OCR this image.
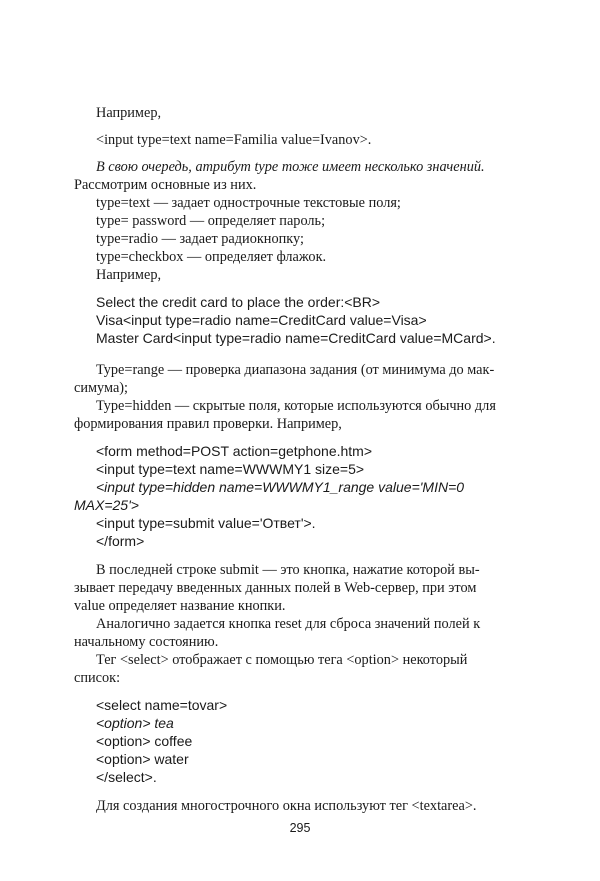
Например,
<input type=text name=Familia value=Ivanov>.
В свою очередь, атрибут type тоже имеет несколько значений.
Рассмотрим основные из них.
type=text — задает однострочные текстовые поля;
type= password — определяет пароль;
type=radio — задает радиокнопку;
type=checkbox — определяет флажок.
Например,
Select the credit card to place the order:<BR>
Visa<input type=radio name=CreditCard value=Visa>
Master Card<input type=radio name=CreditCard value=MCard>.
Type=range — проверка диапазона задания (от минимума до мак-
симума);
Type=hidden — скрытые поля, которые используются обычно для
формирования правил проверки. Например,
<form method=POST action=getphone.htm>
<input type=text name=WWWMY1 size=5>
<input type=hidden name=WWWMY1_range value='MIN=0
MAX=25'>
<input type=submit value='Ответ'>.
</form>
В последней строке submit — это кнопка, нажатие которой вы-
зывает передачу введенных данных полей в Web-сервер, при этом
value определяет название кнопки.
Аналогично задается кнопка reset для сброса значений полей к
начальному состоянию.
Тег <select> отображает с помощью тега <option> некоторый
список:
<select name=tovar>
<option> tea
<option> coffee
<option> water
</select>.
Для создания многострочного окна используют тег <textarea>.
295
